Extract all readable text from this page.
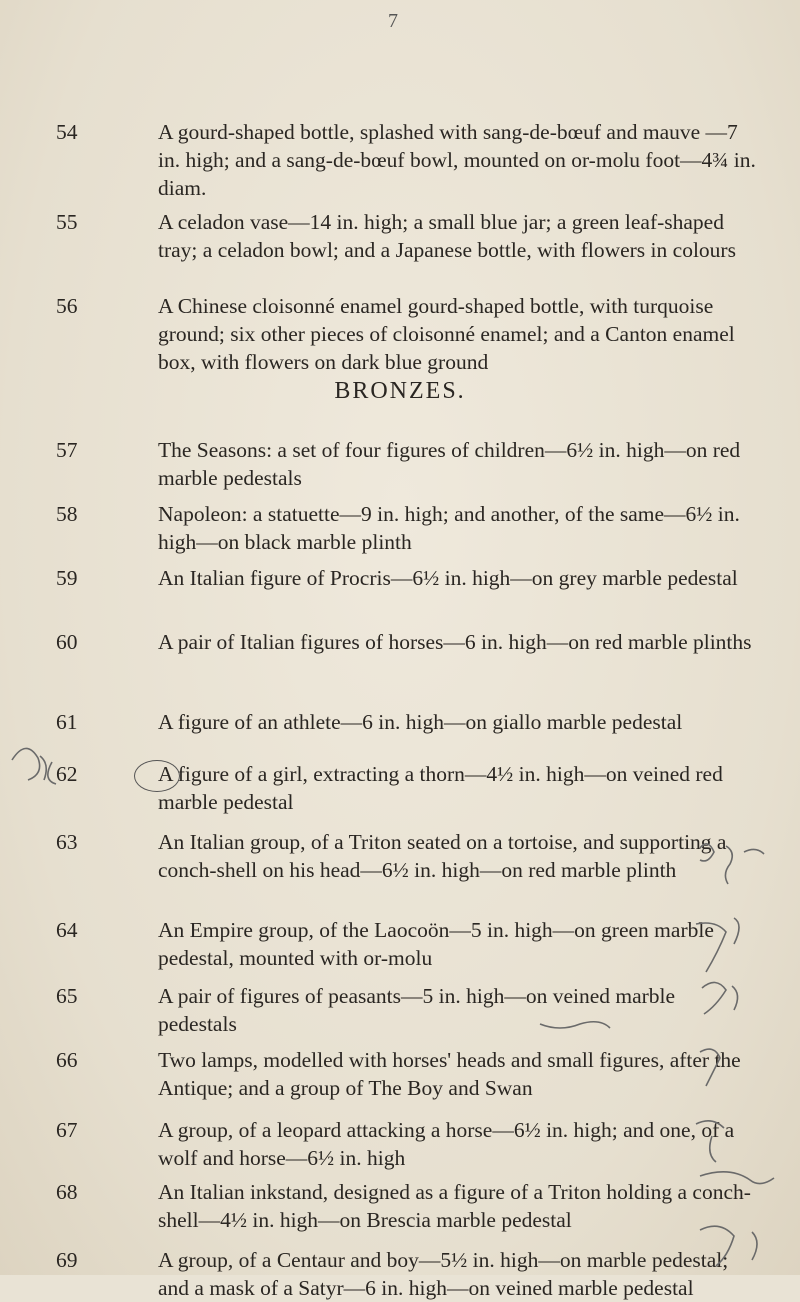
7
54	A gourd-shaped bottle, splashed with sang-de-bœuf and mauve —7 in. high; and a sang-de-bœuf bowl, mounted on or-molu foot—4¾ in. diam.
55	A celadon vase—14 in. high; a small blue jar; a green leaf-shaped tray; a celadon bowl; and a Japanese bottle, with flowers in colours
56	A Chinese cloisonné enamel gourd-shaped bottle, with turquoise ground; six other pieces of cloisonné enamel; and a Canton enamel box, with flowers on dark blue ground
BRONZES.
57	The Seasons: a set of four figures of children—6½ in. high—on red marble pedestals
58	Napoleon: a statuette—9 in. high; and another, of the same—6½ in. high—on black marble plinth
59	An Italian figure of Procris—6½ in. high—on grey marble pedestal
60	A pair of Italian figures of horses—6 in. high—on red marble plinths
61	A figure of an athlete—6 in. high—on giallo marble pedestal
62	A figure of a girl, extracting a thorn—4½ in. high—on veined red marble pedestal
63	An Italian group, of a Triton seated on a tortoise, and supporting a conch-shell on his head—6½ in. high—on red marble plinth
64	An Empire group, of the Laocoön—5 in. high—on green marble pedestal, mounted with or-molu
65	A pair of figures of peasants—5 in. high—on veined marble pedestals
66	Two lamps, modelled with horses' heads and small figures, after the Antique; and a group of The Boy and Swan
67	A group, of a leopard attacking a horse—6½ in. high; and one, of a wolf and horse—6½ in. high
68	An Italian inkstand, designed as a figure of a Triton holding a conch-shell—4½ in. high—on Brescia marble pedestal
69	A group, of a Centaur and boy—5½ in. high—on marble pedestal; and a mask of a Satyr—6 in. high—on veined marble pedestal
